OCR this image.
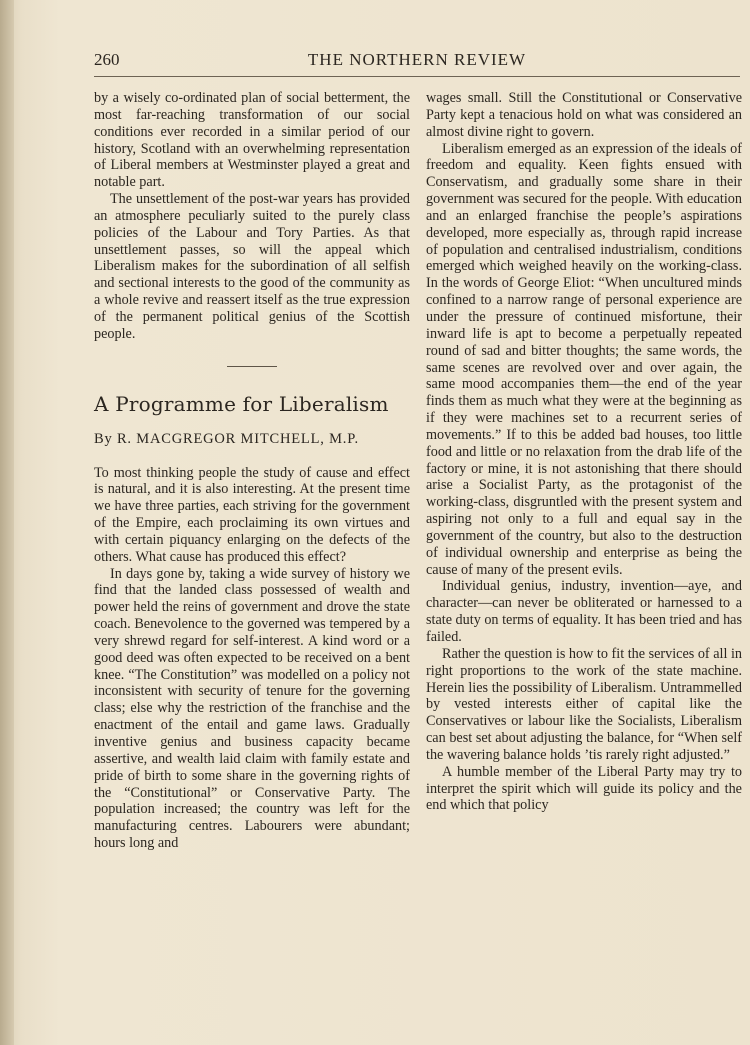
260	THE NORTHERN REVIEW

by a wisely co-ordinated plan of social betterment, the most far-reaching transformation of our social conditions ever recorded in a similar period of our history, Scotland with an overwhelming representation of Liberal members at Westminster played a great and notable part.

The unsettlement of the post-war years has provided an atmosphere peculiarly suited to the purely class policies of the Labour and Tory Parties. As that unsettlement passes, so will the appeal which Liberalism makes for the subordination of all selfish and sectional interests to the good of the community as a whole revive and reassert itself as the true expression of the permanent political genius of the Scottish people.

A Programme for Liberalism
By R. MACGREGOR MITCHELL, M.P.

To most thinking people the study of cause and effect is natural, and it is also interesting. At the present time we have three parties, each striving for the government of the Empire, each proclaiming its own virtues and with certain piquancy enlarging on the defects of the others. What cause has produced this effect?

In days gone by, taking a wide survey of history we find that the landed class possessed of wealth and power held the reins of government and drove the state coach. Benevolence to the governed was tempered by a very shrewd regard for self-interest. A kind word or a good deed was often expected to be received on a bent knee. “The Constitution” was modelled on a policy not inconsistent with security of tenure for the governing class; else why the restriction of the franchise and the enactment of the entail and game laws. Gradually inventive genius and business capacity became assertive, and wealth laid claim with family estate and pride of birth to some share in the governing rights of the “Constitutional” or Conservative Party. The population increased; the country was left for the manufacturing centres. Labourers were abundant; hours long and

wages small. Still the Constitutional or Conservative Party kept a tenacious hold on what was considered an almost divine right to govern.

Liberalism emerged as an expression of the ideals of freedom and equality. Keen fights ensued with Conservatism, and gradually some share in their government was secured for the people. With education and an enlarged franchise the people’s aspirations developed, more especially as, through rapid increase of population and centralised industrialism, conditions emerged which weighed heavily on the working-class. In the words of George Eliot: “When uncultured minds confined to a narrow range of personal experience are under the pressure of continued misfortune, their inward life is apt to become a perpetually repeated round of sad and bitter thoughts; the same words, the same scenes are revolved over and over again, the same mood accompanies them—the end of the year finds them as much what they were at the beginning as if they were machines set to a recurrent series of movements.” If to this be added bad houses, too little food and little or no relaxation from the drab life of the factory or mine, it is not astonishing that there should arise a Socialist Party, as the protagonist of the working-class, disgruntled with the present system and aspiring not only to a full and equal say in the government of the country, but also to the destruction of individual ownership and enterprise as being the cause of many of the present evils.

Individual genius, industry, invention—aye, and character—can never be obliterated or harnessed to a state duty on terms of equality. It has been tried and has failed.

Rather the question is how to fit the services of all in right proportions to the work of the state machine. Herein lies the possibility of Liberalism. Untrammelled by vested interests either of capital like the Conservatives or labour like the Socialists, Liberalism can best set about adjusting the balance, for “When self the wavering balance holds ’tis rarely right adjusted.”

A humble member of the Liberal Party may try to interpret the spirit which will guide its policy and the end which that policy
